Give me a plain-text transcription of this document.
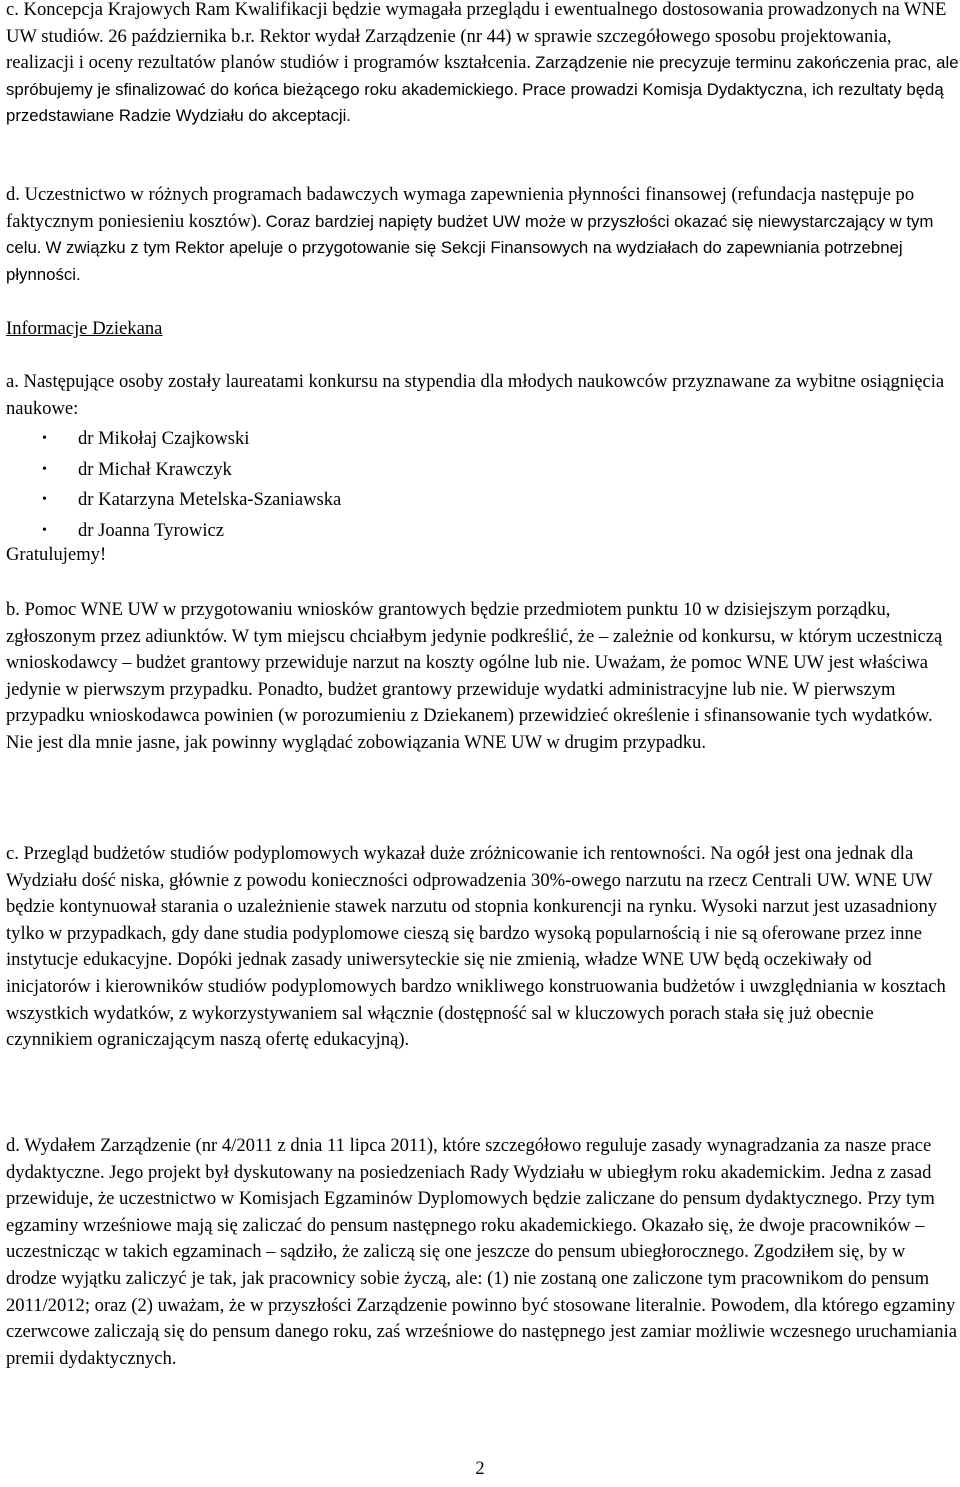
c. Koncepcja Krajowych Ram Kwalifikacji będzie wymagała przeglądu i ewentualnego dostosowania prowadzonych na WNE UW studiów. 26 października b.r. Rektor wydał Zarządzenie (nr 44) w sprawie szczegółowego sposobu projektowania, realizacji i oceny rezultatów planów studiów i programów kształcenia. Zarządzenie nie precyzuje terminu zakończenia prac, ale spróbujemy je sfinalizować do końca bieżącego roku akademickiego. Prace prowadzi Komisja Dydaktyczna, ich rezultaty będą przedstawiane Radzie Wydziału do akceptacji.

d. Uczestnictwo w różnych programach badawczych wymaga zapewnienia płynności finansowej (refundacja następuje po faktycznym poniesieniu kosztów). Coraz bardziej napięty budżet UW może w przyszłości okazać się niewystarczający w tym celu. W związku z tym Rektor apeluje o przygotowanie się Sekcji Finansowych na wydziałach do zapewniania potrzebnej płynności.

Informacje Dziekana

a. Następujące osoby zostały laureatami konkursu na stypendia dla młodych naukowców przyznawane za wybitne osiągnięcia naukowe:

• dr Mikołaj Czajkowski
• dr Michał Krawczyk
• dr Katarzyna Metelska-Szaniawska
• dr Joanna Tyrowicz

Gratulujemy!

b. Pomoc WNE UW w przygotowaniu wniosków grantowych będzie przedmiotem punktu 10 w dzisiejszym porządku, zgłoszonym przez adiunktów. W tym miejscu chciałbym jedynie podkreślić, że – zależnie od konkursu, w którym uczestniczą wnioskodawcy – budżet grantowy przewiduje narzut na koszty ogólne lub nie. Uważam, że pomoc WNE UW jest właściwa jedynie w pierwszym przypadku. Ponadto, budżet grantowy przewiduje wydatki administracyjne lub nie. W pierwszym przypadku wnioskodawca powinien (w porozumieniu z Dziekanem) przewidzieć określenie i sfinansowanie tych wydatków. Nie jest dla mnie jasne, jak powinny wyglądać zobowiązania WNE UW w drugim przypadku.

c. Przegląd budżetów studiów podyplomowych wykazał duże zróżnicowanie ich rentowności. Na ogół jest ona jednak dla Wydziału dość niska, głównie z powodu konieczności odprowadzenia 30%-owego narzutu na rzecz Centrali UW. WNE UW będzie kontynuował starania o uzależnienie stawek narzutu od stopnia konkurencji na rynku. Wysoki narzut jest uzasadniony tylko w przypadkach, gdy dane studia podyplomowe cieszą się bardzo wysoką popularnością i nie są oferowane przez inne instytucje edukacyjne. Dopóki jednak zasady uniwersyteckie się nie zmienią, władze WNE UW będą oczekiwały od inicjatorów i kierowników studiów podyplomowych bardzo wnikliwego konstruowania budżetów i uwzględniania w kosztach wszystkich wydatków, z wykorzystywaniem sal włącznie (dostępność sal w kluczowych porach stała się już obecnie czynnikiem ograniczającym naszą ofertę edukacyjną).

d. Wydałem Zarządzenie (nr 4/2011 z dnia 11 lipca 2011), które szczegółowo reguluje zasady wynagradzania za nasze prace dydaktyczne. Jego projekt był dyskutowany na posiedzeniach Rady Wydziału w ubiegłym roku akademickim. Jedna z zasad przewiduje, że uczestnictwo w Komisjach Egzaminów Dyplomowych będzie zaliczane do pensum dydaktycznego. Przy tym egzaminy wrześniowe mają się zaliczać do pensum następnego roku akademickiego. Okazało się, że dwoje pracowników – uczestnicząc w takich egzaminach – sądziło, że zaliczą się one jeszcze do pensum ubiegłorocznego. Zgodziłem się, by w drodze wyjątku zaliczyć je tak, jak pracownicy sobie życzą, ale: (1) nie zostaną one zaliczone tym pracownikom do pensum 2011/2012; oraz (2) uważam, że w przyszłości Zarządzenie powinno być stosowane literalnie. Powodem, dla którego egzaminy czerwcowe zaliczają się do pensum danego roku, zaś wrześniowe do następnego jest zamiar możliwie wczesnego uruchamiania premii dydaktycznych.

2
